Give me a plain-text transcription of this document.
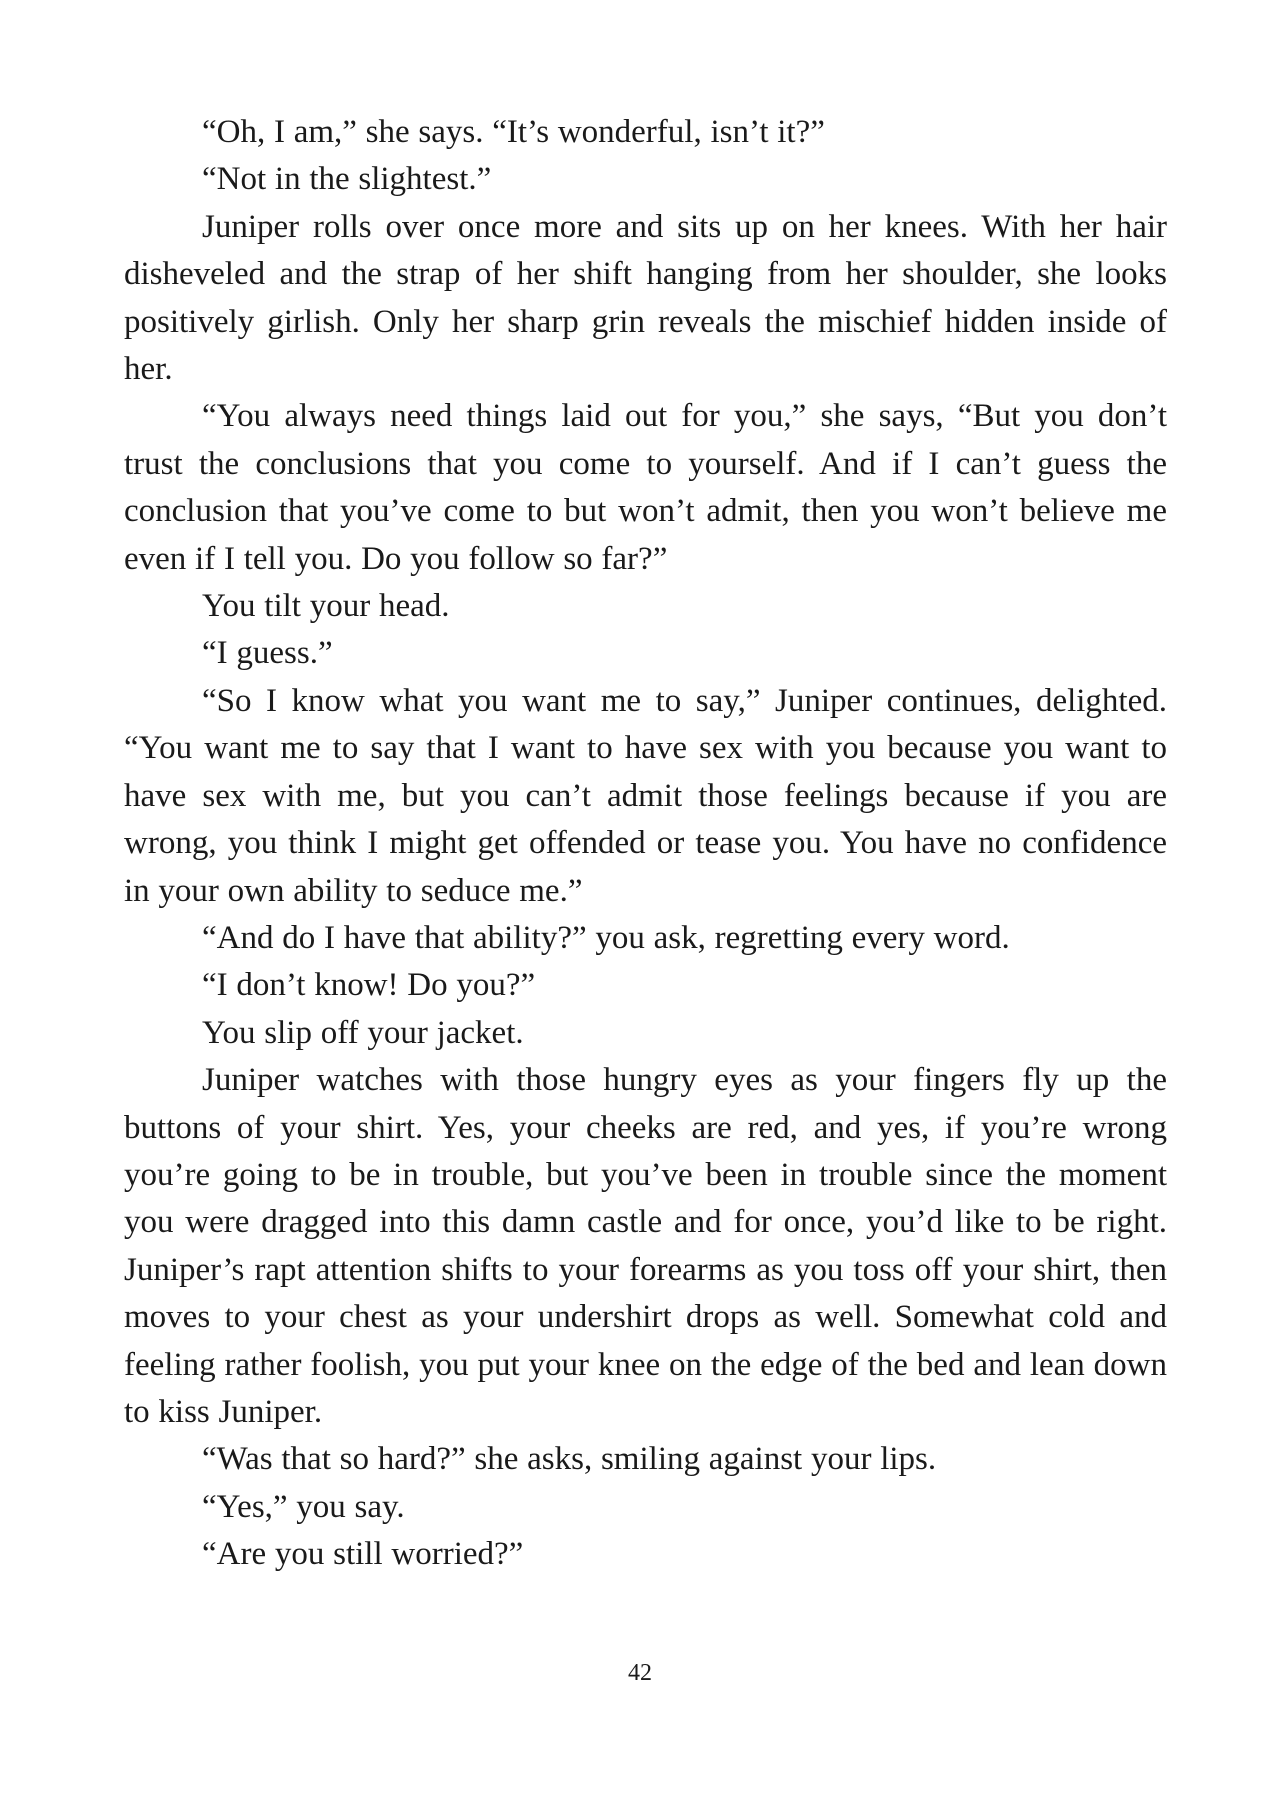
“Oh, I am,” she says. “It’s wonderful, isn’t it?”

“Not in the slightest.”

Juniper rolls over once more and sits up on her knees. With her hair disheveled and the strap of her shift hanging from her shoulder, she looks positively girlish. Only her sharp grin reveals the mischief hidden inside of her.

“You always need things laid out for you,” she says, “But you don’t trust the conclusions that you come to yourself. And if I can’t guess the conclusion that you’ve come to but won’t admit, then you won’t believe me even if I tell you. Do you follow so far?”

You tilt your head.

“I guess.”

“So I know what you want me to say,” Juniper continues, delighted. “You want me to say that I want to have sex with you because you want to have sex with me, but you can’t admit those feelings because if you are wrong, you think I might get offended or tease you. You have no confidence in your own ability to seduce me.”

“And do I have that ability?” you ask, regretting every word.

“I don’t know! Do you?”

You slip off your jacket.

Juniper watches with those hungry eyes as your fingers fly up the buttons of your shirt. Yes, your cheeks are red, and yes, if you’re wrong you’re going to be in trouble, but you’ve been in trouble since the moment you were dragged into this damn castle and for once, you’d like to be right. Juniper’s rapt attention shifts to your forearms as you toss off your shirt, then moves to your chest as your undershirt drops as well. Somewhat cold and feeling rather foolish, you put your knee on the edge of the bed and lean down to kiss Juniper.

“Was that so hard?” she asks, smiling against your lips.

“Yes,” you say.

“Are you still worried?”

42
